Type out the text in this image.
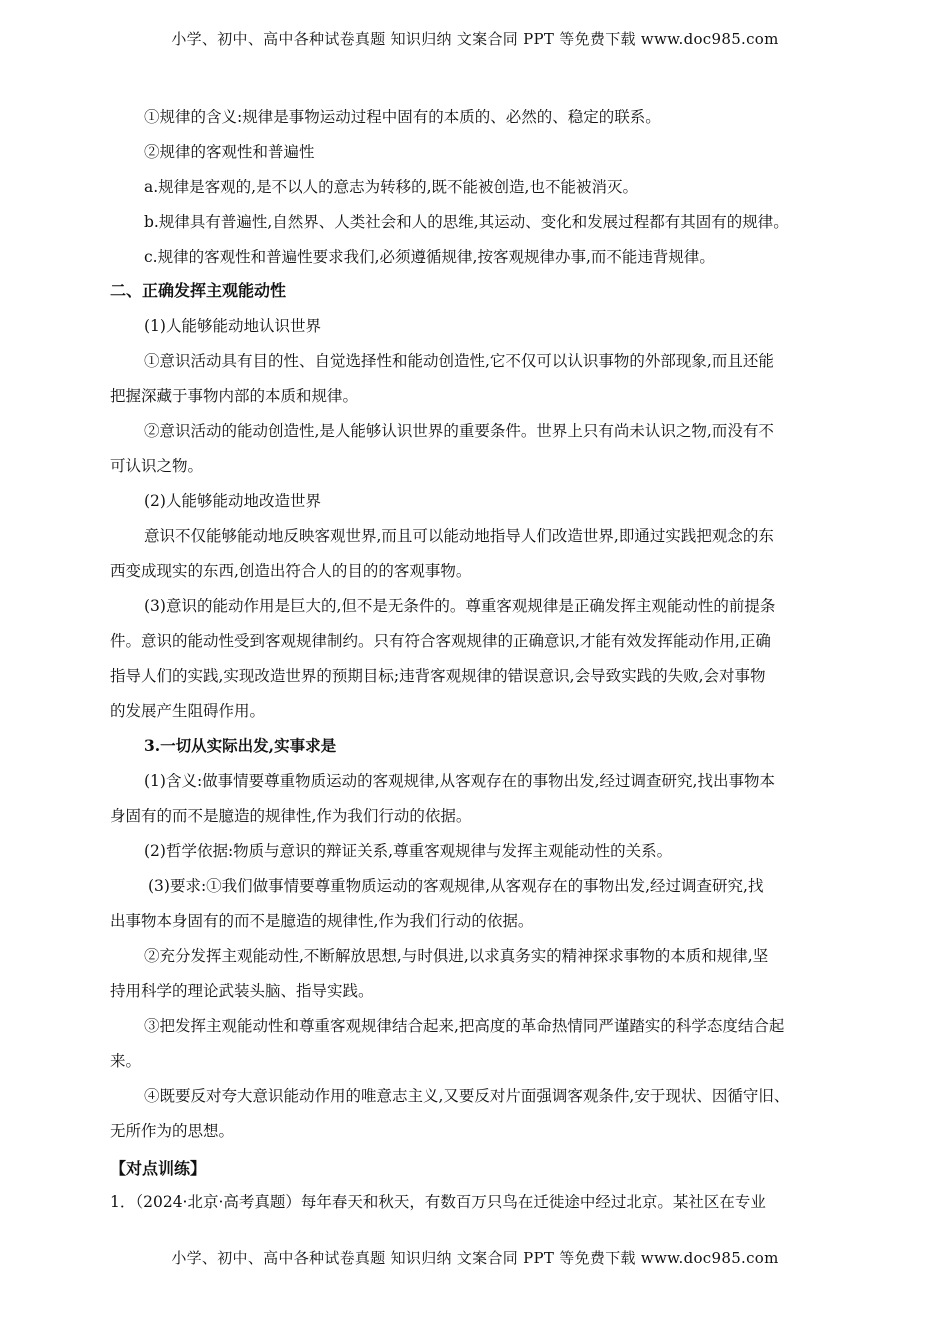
小学、初中、高中各种试卷真题 知识归纳 文案合同 PPT 等免费下载 www.doc985.com
①规律的含义:规律是事物运动过程中固有的本质的、必然的、稳定的联系。
②规律的客观性和普遍性
a.规律是客观的,是不以人的意志为转移的,既不能被创造,也不能被消灭。
b.规律具有普遍性,自然界、人类社会和人的思维,其运动、变化和发展过程都有其固有的规律。
c.规律的客观性和普遍性要求我们,必须遵循规律,按客观规律办事,而不能违背规律。
二、正确发挥主观能动性
(1)人能够能动地认识世界
①意识活动具有目的性、自觉选择性和能动创造性,它不仅可以认识事物的外部现象,而且还能
把握深藏于事物内部的本质和规律。
②意识活动的能动创造性,是人能够认识世界的重要条件。世界上只有尚未认识之物,而没有不
可认识之物。
(2)人能够能动地改造世界
意识不仅能够能动地反映客观世界,而且可以能动地指导人们改造世界,即通过实践把观念的东
西变成现实的东西,创造出符合人的目的的客观事物。
(3)意识的能动作用是巨大的,但不是无条件的。尊重客观规律是正确发挥主观能动性的前提条
件。意识的能动性受到客观规律制约。只有符合客观规律的正确意识,才能有效发挥能动作用,正确
指导人们的实践,实现改造世界的预期目标;违背客观规律的错误意识,会导致实践的失败,会对事物
的发展产生阻碍作用。
3.一切从实际出发,实事求是
(1)含义:做事情要尊重物质运动的客观规律,从客观存在的事物出发,经过调查研究,找出事物本
身固有的而不是臆造的规律性,作为我们行动的依据。
(2)哲学依据:物质与意识的辩证关系,尊重客观规律与发挥主观能动性的关系。
(3)要求:①我们做事情要尊重物质运动的客观规律,从客观存在的事物出发,经过调查研究,找
出事物本身固有的而不是臆造的规律性,作为我们行动的依据。
②充分发挥主观能动性,不断解放思想,与时俱进,以求真务实的精神探求事物的本质和规律,坚
持用科学的理论武装头脑、指导实践。
③把发挥主观能动性和尊重客观规律结合起来,把高度的革命热情同严谨踏实的科学态度结合起
来。
④既要反对夸大意识能动作用的唯意志主义,又要反对片面强调客观条件,安于现状、因循守旧、
无所作为的思想。
【对点训练】
1．（2024·北京·高考真题）每年春天和秋天，有数百万只鸟在迁徙途中经过北京。某社区在专业
小学、初中、高中各种试卷真题 知识归纳 文案合同 PPT 等免费下载 www.doc985.com
